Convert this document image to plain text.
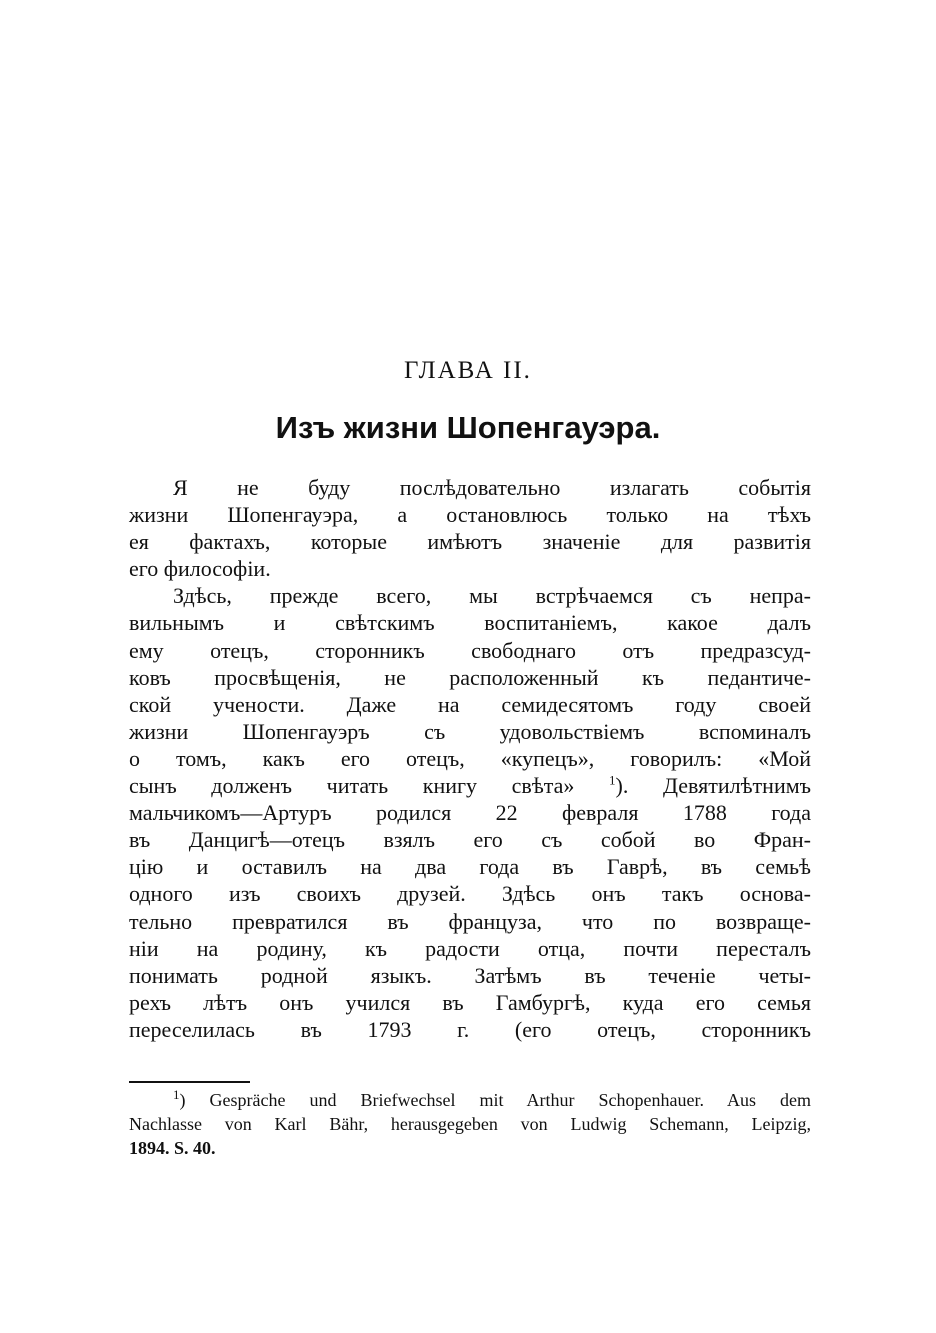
ГЛАВА II.
Изъ жизни Шопенгауэра.
Я не буду послѣдовательно излагать событія
жизни Шопенгауэра, а остановлюсь только на тѣхъ
ея фактахъ, которые имѣютъ значеніе для развитія
его философіи.
Здѣсь, прежде всего, мы встрѣчаемся съ непра-
вильнымъ и свѣтскимъ воспитаніемъ, какое далъ
ему отецъ, сторонникъ свободнаго отъ предразсуд-
ковъ просвѣщенія, не расположенный къ педантиче-
ской учености. Даже на семидесятомъ году своей
жизни Шопенгауэръ съ удовольствіемъ вспоминалъ
о томъ, какъ его отецъ, «купецъ», говорилъ: «Мой
сынъ долженъ читать книгу свѣта»	$^1$). Девятилѣтнимъ
мальчикомъ—Артуръ родился 22 февраля 1788 года
въ Данцигѣ—отецъ взялъ его съ собой во Фран-
цію и оставилъ на два года въ Гаврѣ, въ семьѣ
одного изъ своихъ друзей. Здѣсь онъ такъ основа-
тельно превратился въ француза, что по возвраще-
ніи на родину, къ радости отца, почти пересталъ
понимать родной языкъ. Затѣмъ въ теченіе четы-
рехъ лѣтъ онъ учился въ Гамбургѣ, куда его семья
переселилась въ 1793 г. (его отецъ, сторонникъ
$^1$) Gespräche und Briefwechsel mit Arthur Schopenhauer. Aus dem
Nachlasse von Karl Bähr, herausgegeben von Ludwig Schemann, Leipzig,
1894. S. 40.
